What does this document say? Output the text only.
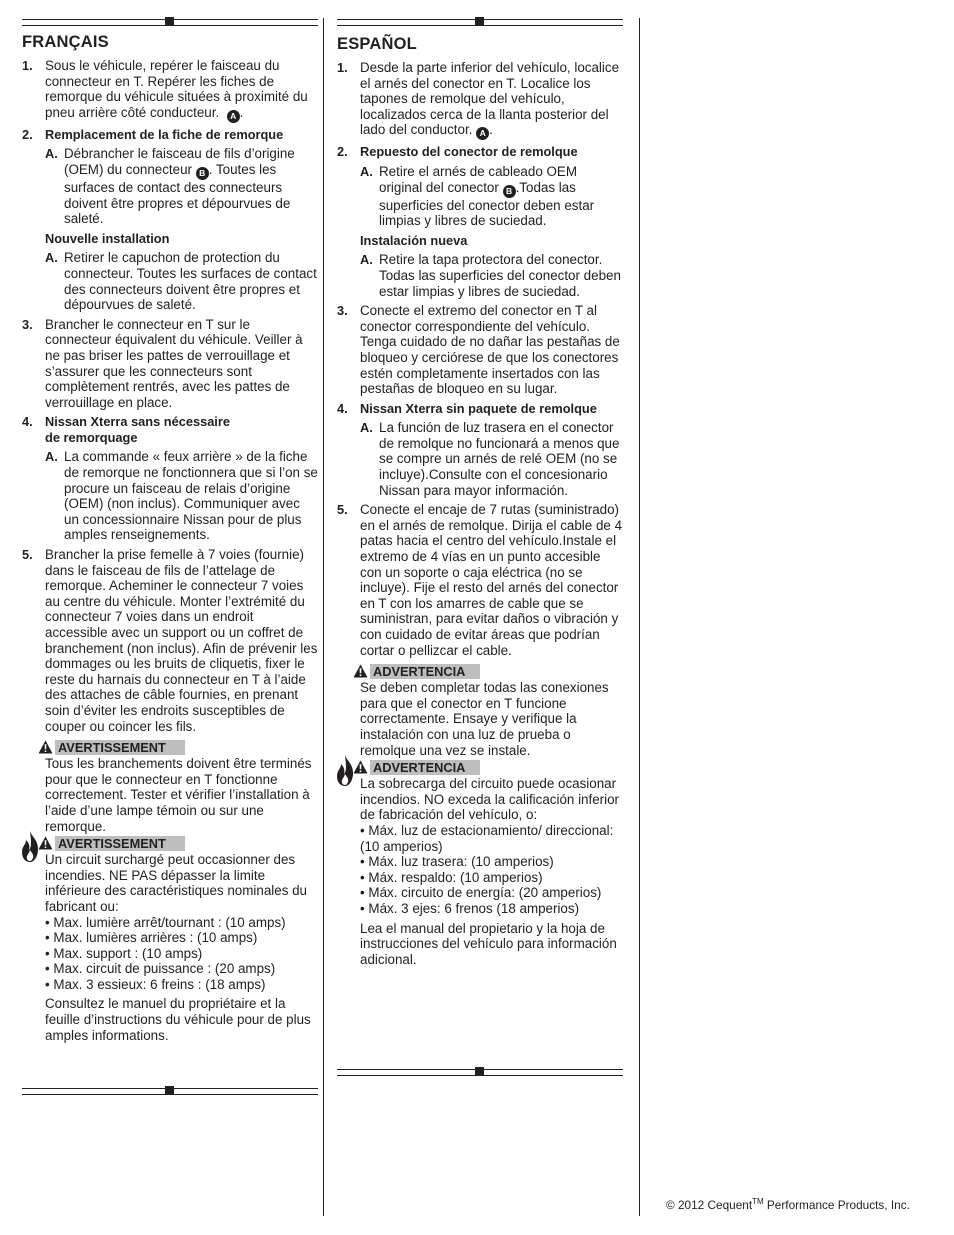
FRANÇAIS
1. Sous le véhicule, repérer le faisceau du connecteur en T. Repérer les fiches de remorque du véhicule situées à proximité du pneu arrière côté conducteur. A .
2. Remplacement de la fiche de remorque
A. Débrancher le faisceau de fils d’origine (OEM) du connecteur B . Toutes les surfaces de contact des connecteurs doivent être propres et dépourvues de saleté.
Nouvelle installation
A. Retirer le capuchon de protection du connecteur. Toutes les surfaces de contact des connecteurs doivent être propres et dépourvues de saleté.
3. Brancher le connecteur en T sur le connecteur équivalent du véhicule. Veiller à ne pas briser les pattes de verrouillage et s’assurer que les connecteurs sont complètement rentrés, avec les pattes de verrouillage en place.
4. Nissan Xterra sans nécessaire
de remorquage
A. La commande « feux arrière » de la fiche de remorque ne fonctionnera que si l’on se procure un faisceau de relais d’origine (OEM) (non inclus). Communiquer avec un concessionnaire Nissan pour de plus amples renseignements.
5. Brancher la prise femelle à 7 voies (fournie) dans le faisceau de fils de l’attelage de remorque. Acheminer le connecteur 7 voies au centre du véhicule. Monter l’extrémité du connecteur 7 voies dans un endroit accessible avec un support ou un coffret de branchement (non inclus). Afin de prévenir les dommages ou les bruits de cliquetis, fixer le reste du harnais du connecteur en T à l’aide des attaches de câble fournies, en prenant soin d’éviter les endroits susceptibles de couper ou coincer les fils.
AVERTISSEMENT
Tous les branchements doivent être terminés pour que le connecteur en T fonctionne correctement. Tester et vérifier l’installation à l’aide d’une lampe témoin ou sur une remorque.
AVERTISSEMENT
Un circuit surchargé peut occasionner des incendies. NE PAS dépasser la limite inférieure des caractéristiques nominales du fabricant ou:
• Max. lumière arrêt/tournant : (10 amps)
• Max. lumières arrières : (10 amps)
• Max. support : (10 amps)
• Max. circuit de puissance : (20 amps)
• Max. 3 essieux: 6 freins : (18 amps)
Consultez le manuel du propriétaire et la feuille d’instructions du véhicule pour de plus amples informations.
ESPAÑOL
1. Desde la parte inferior del vehículo, localice el arnés del conector en T. Localice los tapones de remolque del vehículo, localizados cerca de la llanta posterior del lado del conductor. A .
2. Repuesto del conector de remolque
A. Retire el arnés de cableado OEM original del conector B .Todas las superficies del conector deben estar limpias y libres de suciedad.
Instalación nueva
A. Retire la tapa protectora del conector. Todas las superficies del conector deben estar limpias y libres de suciedad.
3. Conecte el extremo del conector en T al conector correspondiente del vehículo. Tenga cuidado de no dañar las pestañas de bloqueo y cerciórese de que los conectores estén completamente insertados con las pestañas de bloqueo en su lugar.
4. Nissan Xterra sin paquete de remolque
A. La función de luz trasera en el conector de remolque no funcionará a menos que se compre un arnés de relé OEM (no se incluye).Consulte con el concesionario Nissan para mayor información.
5. Conecte el encaje de 7 rutas (suministrado) en el arnés de remolque. Dirija el cable de 4 patas hacia el centro del vehículo.Instale el extremo de 4 vías en un punto accesible con un soporte o caja eléctrica (no se incluye). Fije el resto del arnés del conector en T con los amarres de cable que se suministran, para evitar daños o vibración y con cuidado de evitar áreas que podrían cortar o pellizcar el cable.
ADVERTENCIA
Se deben completar todas las conexiones para que el conector en T funcione correctamente. Ensaye y verifique la instalación con una luz de prueba o remolque una vez se instale.
ADVERTENCIA
La sobrecarga del circuito puede ocasionar incendios. NO exceda la calificación inferior de fabricación del vehículo, o:
• Máx. luz de estacionamiento/ direccional: (10 amperios)
• Máx. luz trasera: (10 amperios)
• Máx. respaldo: (10 amperios)
• Máx. circuito de energía: (20 amperios)
• Máx. 3 ejes: 6 frenos (18 amperios)
Lea el manual del propietario y la hoja de instrucciones del vehículo para información adicional.
© 2012 Cequent™ Performance Products, Inc.
